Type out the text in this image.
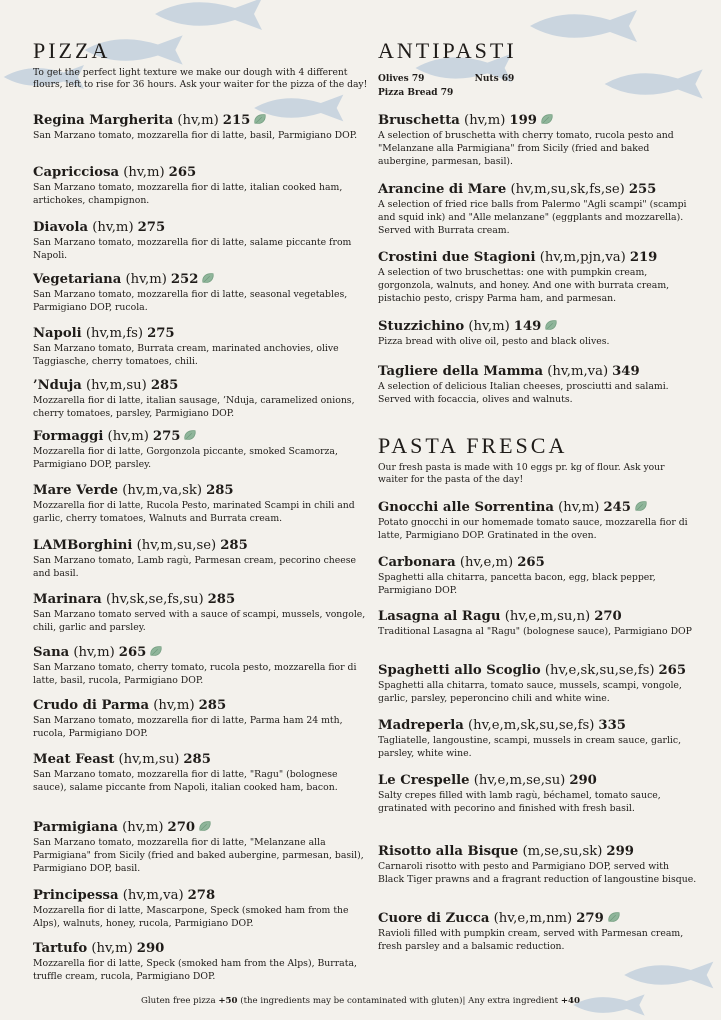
PIZZA
To get the perfect light texture we make our dough with 4 different flours, left to rise for 36 hours. Ask your waiter for the pizza of the day!
Regina Margherita (hv,m) 215
San Marzano tomato, mozzarella fior di latte, basil, Parmigiano DOP.
Capricciosa (hv,m) 265
San Marzano tomato, mozzarella fior di latte, italian cooked ham, artichokes, champignon.
Diavola (hv,m) 275
San Marzano tomato, mozzarella fior di latte, salame piccante from Napoli.
Vegetariana (hv,m) 252
San Marzano tomato, mozzarella fior di latte, seasonal vegetables, Parmigiano DOP, rucola.
Napoli (hv,m,fs) 275
San Marzano tomato, Burrata cream, marinated anchovies, olive Taggiasche, cherry tomatoes, chili.
’Nduja (hv,m,su) 285
Mozzarella fior di latte, italian sausage, ’Nduja, caramelized onions, cherry tomatoes, parsley, Parmigiano DOP.
Formaggi (hv,m) 275
Mozzarella fior di latte, Gorgonzola piccante, smoked Scamorza, Parmigiano DOP, parsley.
Mare Verde (hv,m,va,sk) 285
Mozzarella fior di latte, Rucola Pesto, marinated Scampi in chili and garlic, cherry tomatoes, Walnuts and Burrata cream.
LAMBorghini (hv,m,su,se) 285
San Marzano tomato, Lamb ragù, Parmesan cream, pecorino cheese and basil.
Marinara (hv,sk,se,fs,su) 285
San Marzano tomato served with a sauce of scampi, mussels, vongole, chili, garlic and parsley.
Sana (hv,m) 265
San Marzano tomato, cherry tomato, rucola pesto, mozzarella fior di latte, basil, rucola, Parmigiano DOP.
Crudo di Parma (hv,m) 285
San Marzano tomato, mozzarella fior di latte, Parma ham 24 mth, rucola, Parmigiano DOP.
Meat Feast (hv,m,su) 285
San Marzano tomato, mozzarella fior di latte, "Ragu" (bolognese sauce), salame piccante from Napoli, italian cooked ham, bacon.
Parmigiana (hv,m) 270
San Marzano tomato, mozzarella fior di latte, "Melanzane alla Parmigiana" from Sicily (fried and baked aubergine, parmesan, basil), Parmigiano DOP, basil.
Principessa (hv,m,va) 278
Mozzarella fior di latte, Mascarpone, Speck (smoked ham from the Alps), walnuts, honey, rucola, Parmigiano DOP.
Tartufo (hv,m) 290
Mozzarella fior di latte, Speck (smoked ham from the Alps), Burrata, truffle cream, rucola, Parmigiano DOP.
ANTIPASTI
Olives 79	Nuts 69
Pizza Bread 79
Bruschetta (hv,m) 199
A selection of bruschetta with cherry tomato, rucola pesto and "Melanzane alla Parmigiana" from Sicily (fried and baked aubergine, parmesan, basil).
Arancine di Mare (hv,m,su,sk,fs,se) 255
A selection of fried rice balls from Palermo "Agli scampi" (scampi and squid ink) and "Alle melanzane" (eggplants and mozzarella). Served with Burrata cream.
Crostini due Stagioni (hv,m,pjn,va) 219
A selection of two bruschettas: one with pumpkin cream, gorgonzola, walnuts, and honey. And one with burrata cream, pistachio pesto, crispy Parma ham, and parmesan.
Stuzzichino (hv,m) 149
Pizza bread with olive oil, pesto and black olives.
Tagliere della Mamma (hv,m,va) 349
A selection of delicious Italian cheeses, prosciutti and salami. Served with focaccia, olives and walnuts.
PASTA FRESCA
Our fresh pasta is made with 10 eggs pr. kg of flour. Ask your waiter for the pasta of the day!
Gnocchi alle Sorrentina (hv,m) 245
Potato gnocchi in our homemade tomato sauce, mozzarella fior di latte, Parmigiano DOP. Gratinated in the oven.
Carbonara (hv,e,m) 265
Spaghetti alla chitarra, pancetta bacon, egg, black pepper, Parmigiano DOP.
Lasagna al Ragu (hv,e,m,su,n) 270
Traditional Lasagna al "Ragu" (bolognese sauce), Parmigiano DOP
Spaghetti allo Scoglio (hv,e,sk,su,se,fs) 265
Spaghetti alla chitarra, tomato sauce, mussels, scampi, vongole, garlic, parsley, peperoncino chili and white wine.
Madreperla (hv,e,m,sk,su,se,fs) 335
Tagliatelle, langoustine, scampi, mussels in cream sauce, garlic, parsley, white wine.
Le Crespelle (hv,e,m,se,su) 290
Salty crepes filled with lamb ragù, béchamel, tomato sauce, gratinated with pecorino and finished with fresh basil.
Risotto alla Bisque (m,se,su,sk) 299
Carnaroli risotto with pesto and Parmigiano DOP, served with Black Tiger prawns and a fragrant reduction of langoustine bisque.
Cuore di Zucca (hv,e,m,nm) 279
Ravioli filled with pumpkin cream, served with Parmesan cream, fresh parsley and a balsamic reduction.
Gluten free pizza +50 (the ingredients may be contaminated with gluten)| Any extra ingredient +40
